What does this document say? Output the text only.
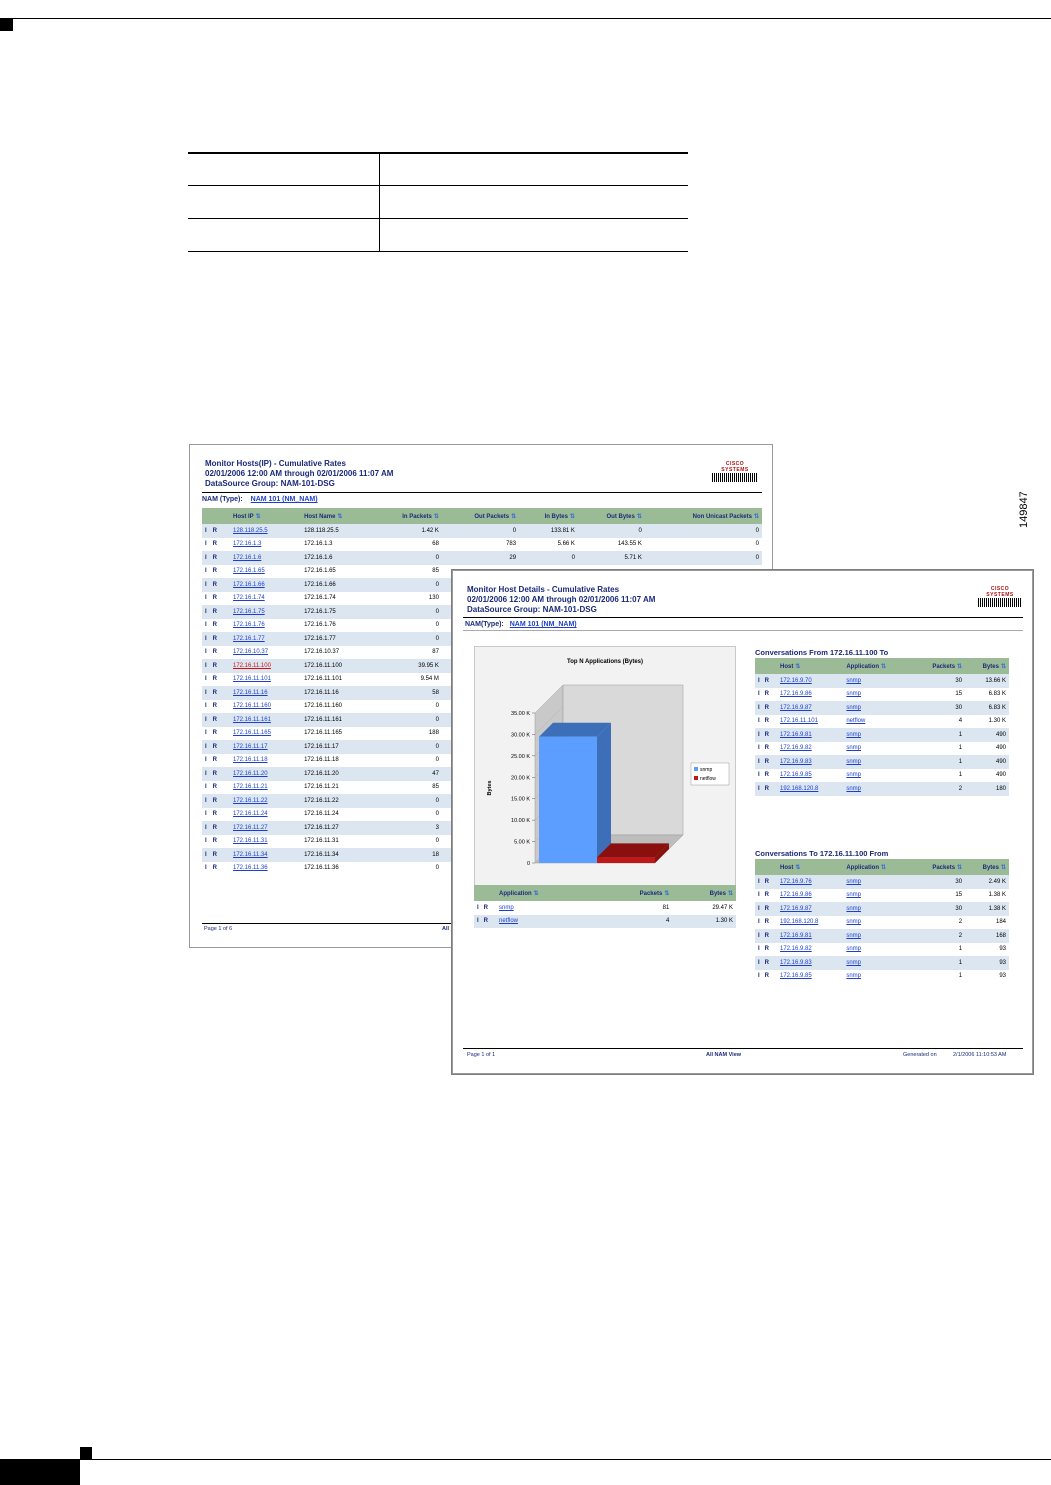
149847
Monitor Hosts(IP) - Cumulative Rates
02/01/2006 12:00 AM through 02/01/2006 11:07 AM
DataSource Group: NAM-101-DSG
CISCO SYSTEMS
NAM (Type): NAM 101 (NM_NAM)
	Host IP ⇅	Host Name ⇅	In Packets ⇅	Out Packets ⇅	In Bytes ⇅	Out Bytes ⇅	Non Unicast Packets ⇅
I R	128.118.25.5	128.118.25.5	1.42 K	0	133.81 K	0	0
I R	172.16.1.3	172.16.1.3	68	783	5.66 K	143.55 K	0
I R	172.16.1.6	172.16.1.6	0	29	0	5.71 K	0
I R	172.16.1.65	172.16.1.65	85				
I R	172.16.1.66	172.16.1.66	0				
I R	172.16.1.74	172.16.1.74	130				
I R	172.16.1.75	172.16.1.75	0				
I R	172.16.1.76	172.16.1.76	0				
I R	172.16.1.77	172.16.1.77	0				
I R	172.16.10.37	172.16.10.37	87				
I R	172.16.11.100	172.16.11.100	39.95 K				
I R	172.16.11.101	172.16.11.101	9.54 M				
I R	172.16.11.16	172.16.11.16	58				
I R	172.16.11.160	172.16.11.160	0				
I R	172.16.11.161	172.16.11.161	0				
I R	172.16.11.165	172.16.11.165	188				
I R	172.16.11.17	172.16.11.17	0				
I R	172.16.11.18	172.16.11.18	0				
I R	172.16.11.20	172.16.11.20	47				
I R	172.16.11.21	172.16.11.21	85				
I R	172.16.11.22	172.16.11.22	0				
I R	172.16.11.24	172.16.11.24	0				
I R	172.16.11.27	172.16.11.27	3				
I R	172.16.11.31	172.16.11.31	0				
I R	172.16.11.34	172.16.11.34	18				
I R	172.16.11.36	172.16.11.36	0				
Page 1 of 6	All
Monitor Host Details - Cumulative Rates
02/01/2006 12:00 AM through 02/01/2006 11:07 AM
DataSource Group: NAM-101-DSG
CISCO SYSTEMS
NAM(Type): NAM 101 (NM_NAM)
Top N Applications (Bytes)
0
5.00 K
10.00 K
15.00 K
20.00 K
25.00 K
30.00 K
35.00 K
Bytes
snmp
netflow
	Application ⇅	Packets ⇅	Bytes ⇅
I R	snmp	81	29.47 K
I R	netflow	4	1.30 K
Conversations From 172.16.11.100 To
	Host ⇅	Application ⇅	Packets ⇅	Bytes ⇅
I R	172.16.9.70	snmp	30	13.66 K
I R	172.16.9.86	snmp	15	6.83 K
I R	172.16.9.87	snmp	30	6.83 K
I R	172.16.11.101	netflow	4	1.30 K
I R	172.16.9.81	snmp	1	490
I R	172.16.9.82	snmp	1	490
I R	172.16.9.83	snmp	1	490
I R	172.16.9.85	snmp	1	490
I R	192.168.120.8	snmp	2	180
Conversations To 172.16.11.100 From
	Host ⇅	Application ⇅	Packets ⇅	Bytes ⇅
I R	172.16.9.76	snmp	30	2.49 K
I R	172.16.9.86	snmp	15	1.38 K
I R	172.16.9.87	snmp	30	1.38 K
I R	192.168.120.8	snmp	2	184
I R	172.16.9.81	snmp	2	168
I R	172.16.9.82	snmp	1	93
I R	172.16.9.83	snmp	1	93
I R	172.16.9.85	snmp	1	93
Page 1 of 1	All NAM View	Generated on	2/1/2006 11:10:53 AM
